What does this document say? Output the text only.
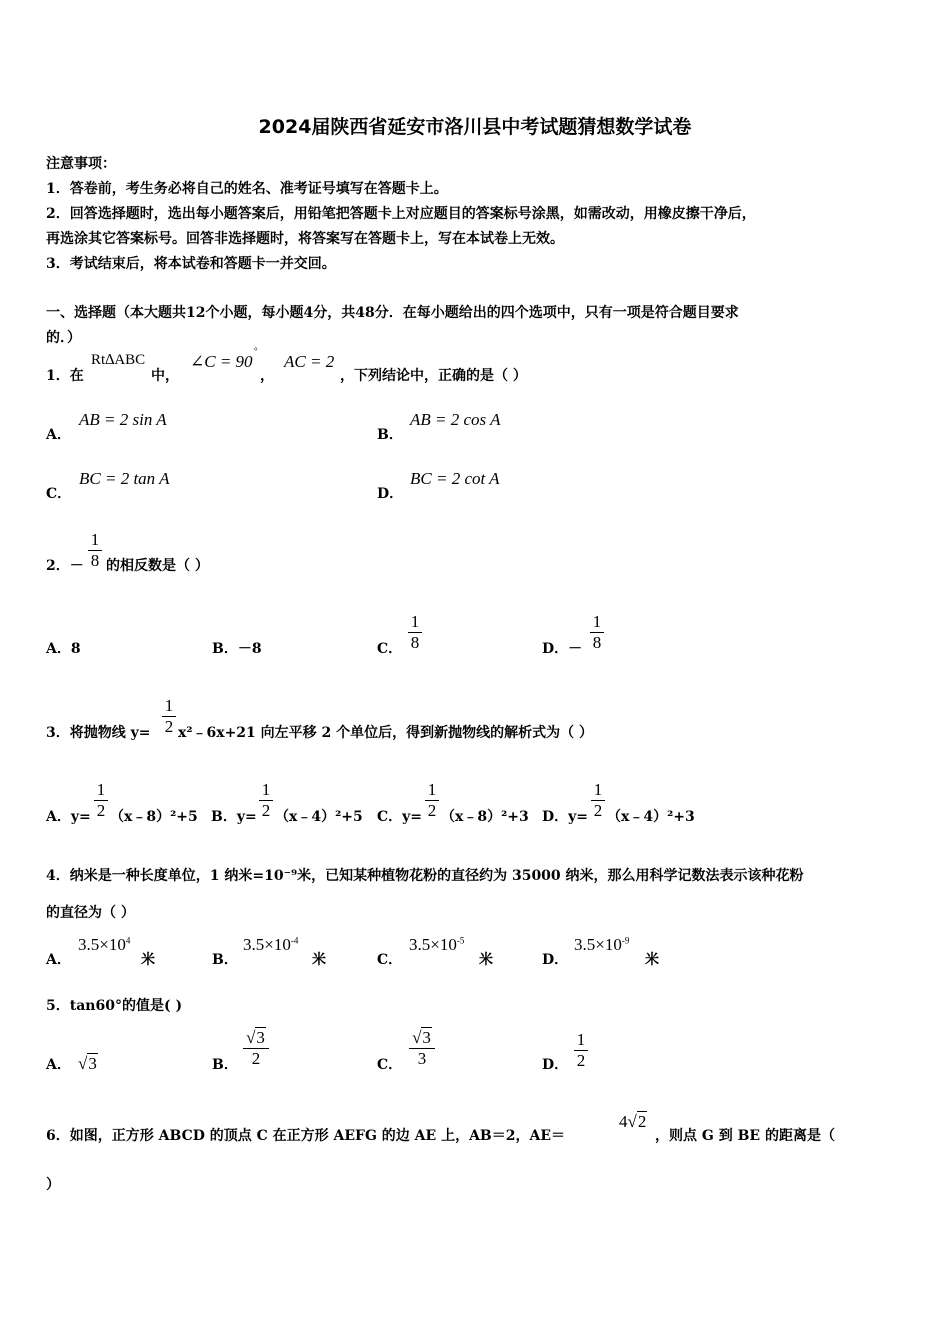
2024届陕西省延安市洛川县中考试题猜想数学试卷
注意事项：
1．答卷前，考生务必将自己的姓名、准考证号填写在答题卡上。
2．回答选择题时，选出每小题答案后，用铅笔把答题卡上对应题目的答案标号涂黑，如需改动，用橡皮擦干净后，
再选涂其它答案标号。回答非选择题时，将答案写在答题卡上，写在本试卷上无效。
3．考试结束后，将本试卷和答题卡一并交回。
一、选择题（本大题共12个小题，每小题4分，共48分．在每小题给出的四个选项中，只有一项是符合题目要求
的．）
1．在
Rt∆ABC
中，
∠C = 90
°
，
AC = 2
，下列结论中，正确的是（ ）
A．
AB = 2 sin A
B．
AB = 2 cos A
C．
BC = 2 tan A
D．
BC = 2 cot A
2．－
1
8 的相反数是（ ）
A．8	B．－8	C．
1
8	D．－
1
8
3．将抛物线 y=
1
2 x²﹣6x+21 向左平移 2 个单位后，得到新抛物线的解析式为（ ）
A．y=
1
2 （x﹣8）²+5 B．y=
1
2 （x﹣4）²+5 C．y=
1
2 （x﹣8）²+3 D．y=
1
2 （x﹣4）²+3
4．纳米是一种长度单位，1 纳米=10⁻⁹米，已知某种植物花粉的直径约为 35000 纳米，那么用科学记数法表示该种花粉
的直径为（ ）
A．
$3.5\times 10^4$
米	B．
$3.5\times 10^{-4}$
米	C．
$3.5\times 10^{-5}$
米	D．
$3.5\times 10^{-9}$
米
5．tan60°的值是( )
A． √3	B．
√3
2	C．
√3
3	D．
1
2
6．如图，正方形 ABCD 的顶点 C 在正方形 AEFG 的边 AE 上，AB＝2，AE＝
4√2
，则点 G 到 BE 的距离是（
）
